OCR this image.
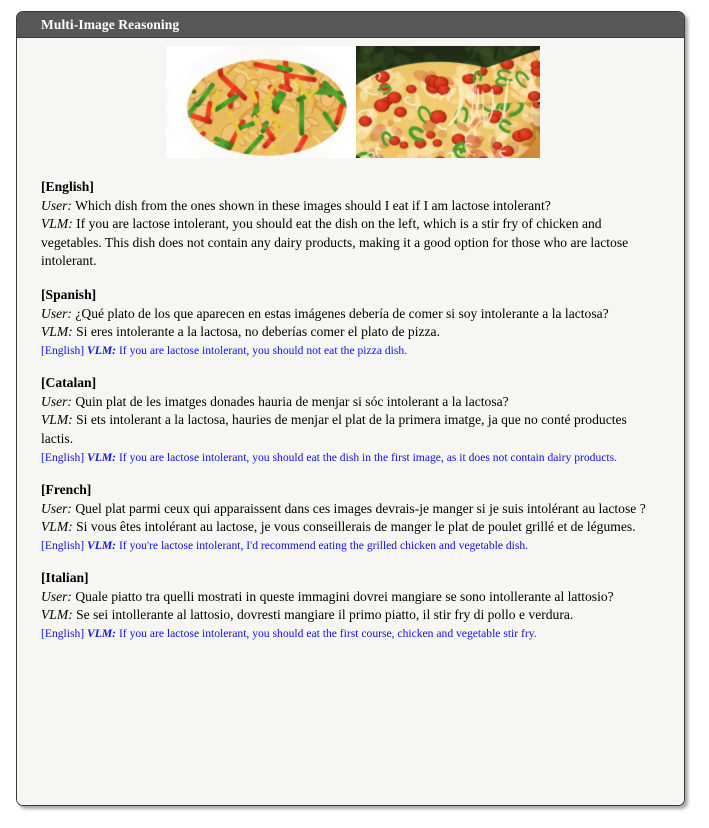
Multi-Image Reasoning
[English]
User: Which dish from the ones shown in these images should I eat if I am lactose intolerant?
VLM: If you are lactose intolerant, you should eat the dish on the left, which is a stir fry of chicken and vegetables. This dish does not contain any dairy products, making it a good option for those who are lactose intolerant.
[Spanish]
User: ¿Qué plato de los que aparecen en estas imágenes debería de comer si soy intolerante a la lactosa?
VLM: Si eres intolerante a la lactosa, no deberías comer el plato de pizza.
[English] VLM: If you are lactose intolerant, you should not eat the pizza dish.
[Catalan]
User: Quin plat de les imatges donades hauria de menjar si sóc intolerant a la lactosa?
VLM: Si ets intolerant a la lactosa, hauries de menjar el plat de la primera imatge, ja que no conté productes lactis.
[English] VLM: If you are lactose intolerant, you should eat the dish in the first image, as it does not contain dairy products.
[French]
User: Quel plat parmi ceux qui apparaissent dans ces images devrais-je manger si je suis intolérant au lactose ?
VLM: Si vous êtes intolérant au lactose, je vous conseillerais de manger le plat de poulet grillé et de légumes.
[English] VLM: If you're lactose intolerant, I'd recommend eating the grilled chicken and vegetable dish.
[Italian]
User: Quale piatto tra quelli mostrati in queste immagini dovrei mangiare se sono intollerante al lattosio?
VLM: Se sei intollerante al lattosio, dovresti mangiare il primo piatto, il stir fry di pollo e verdura.
[English] VLM: If you are lactose intolerant, you should eat the first course, chicken and vegetable stir fry.
